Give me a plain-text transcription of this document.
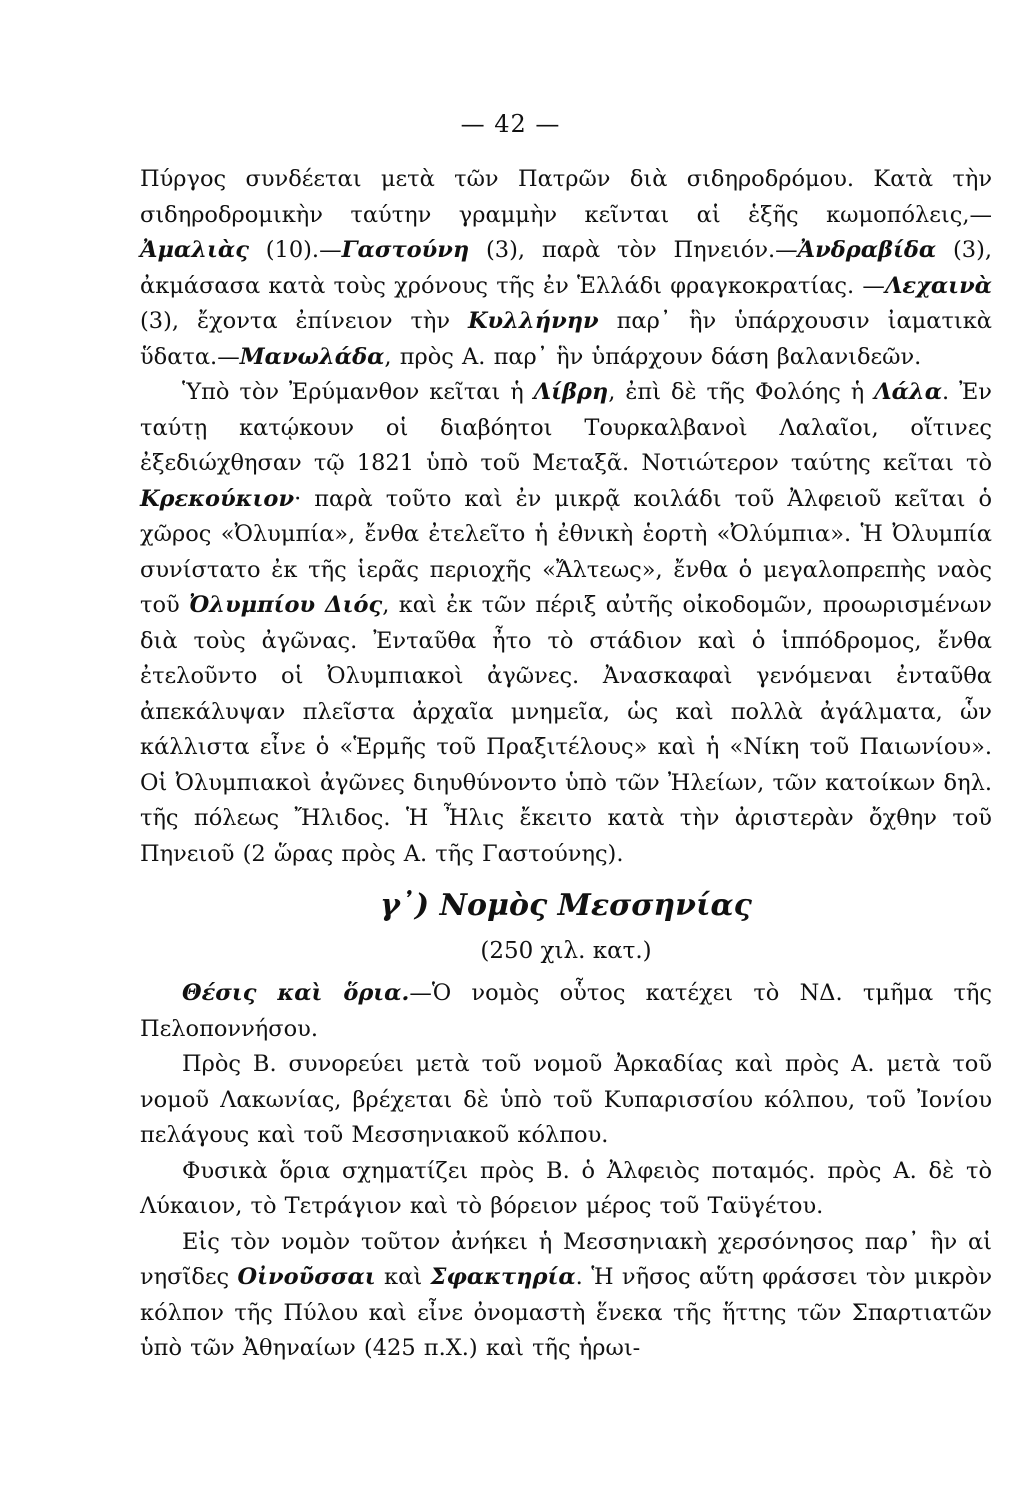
— 42 —

Πύργος συνδέεται μετὰ τῶν Πατρῶν διὰ σιδηροδρόμου. Κατὰ τὴν σιδηροδρομικὴν ταύτην γραμμὴν κεῖνται αἱ ἑξῆς κωμοπόλεις,— Ἀμαλιὰς (10).—Γαστούνη (3), παρὰ τὸν Πηνειόν.—Ἀνδραβίδα (3), ἀκμάσασα κατὰ τοὺς χρόνους τῆς ἐν Ἑλλάδι φραγκοκρατίας. —Λεχαινὰ (3), ἔχοντα ἐπίνειον τὴν Κυλλήνην παρ᾽ ἣν ὑπάρχουσιν ἰαματικὰ ὕδατα.—Μανωλάδα, πρὸς Α. παρ᾽ ἣν ὑπάρχουν δάση βαλανιδεῶν.

Ὑπὸ τὸν Ἐρύμανθον κεῖται ἡ Λίβρη, ἐπὶ δὲ τῆς Φολόης ἡ Λάλα. Ἐν ταύτῃ κατῴκουν οἱ διαβόητοι Τουρκαλβανοὶ Λαλαῖοι, οἵτινες ἐξεδιώχθησαν τῷ 1821 ὑπὸ τοῦ Μεταξᾶ. Νοτιώτερον ταύτης κεῖται τὸ Κρεκούκιον· παρὰ τοῦτο καὶ ἐν μικρᾷ κοιλάδι τοῦ Ἀλφειοῦ κεῖται ὁ χῶρος «Ὀλυμπία», ἔνθα ἐτελεῖτο ἡ ἐθνικὴ ἑορτὴ «Ὀλύμπια». Ἡ Ὀλυμπία συνίστατο ἐκ τῆς ἱερᾶς περιοχῆς «Ἄλτεως», ἔνθα ὁ μεγαλοπρεπὴς ναὸς τοῦ Ὀλυμπίου Διός, καὶ ἐκ τῶν πέριξ αὐτῆς οἰκοδομῶν, προωρισμένων διὰ τοὺς ἀγῶνας. Ἐνταῦθα ἦτο τὸ στάδιον καὶ ὁ ἱππόδρομος, ἔνθα ἐτελοῦντο οἱ Ὀλυμπιακοὶ ἀγῶνες. Ἀνασκαφαὶ γενόμεναι ἐνταῦθα ἀπεκάλυψαν πλεῖστα ἀρχαῖα μνημεῖα, ὡς καὶ πολλὰ ἀγάλματα, ὧν κάλλιστα εἶνε ὁ «Ἑρμῆς τοῦ Πραξιτέλους» καὶ ἡ «Νίκη τοῦ Παιωνίου». Οἱ Ὀλυμπιακοὶ ἀγῶνες διηυθύνοντο ὑπὸ τῶν Ἠλείων, τῶν κατοίκων δηλ. τῆς πόλεως Ἤλιδος. Ἡ Ἦλις ἔκειτο κατὰ τὴν ἀριστερὰν ὄχθην τοῦ Πηνειοῦ (2 ὥρας πρὸς Α. τῆς Γαστούνης).

γ᾽) Νομὸς Μεσσηνίας
(250 χιλ. κατ.)

Θέσις καὶ ὅρια.—Ὁ νομὸς οὗτος κατέχει τὸ ΝΔ. τμῆμα τῆς Πελοποννήσου.

Πρὸς Β. συνορεύει μετὰ τοῦ νομοῦ Ἀρκαδίας καὶ πρὸς Α. μετὰ τοῦ νομοῦ Λακωνίας, βρέχεται δὲ ὑπὸ τοῦ Κυπαρισσίου κόλπου, τοῦ Ἰονίου πελάγους καὶ τοῦ Μεσσηνιακοῦ κόλπου.

Φυσικὰ ὅρια σχηματίζει πρὸς Β. ὁ Ἀλφειὸς ποταμός. πρὸς Α. δὲ τὸ Λύκαιον, τὸ Τετράγιον καὶ τὸ βόρειον μέρος τοῦ Ταϋγέτου.

Εἰς τὸν νομὸν τοῦτον ἀνήκει ἡ Μεσσηνιακὴ χερσόνησος παρ᾽ ἣν αἱ νησῖδες Οἰνοῦσσαι καὶ Σφακτηρία. Ἡ νῆσος αὕτη φράσσει τὸν μικρὸν κόλπον τῆς Πύλου καὶ εἶνε ὀνομαστὴ ἕνεκα τῆς ἥττης τῶν Σπαρτιατῶν ὑπὸ τῶν Ἀθηναίων (425 π.Χ.) καὶ τῆς ἡρωι-
